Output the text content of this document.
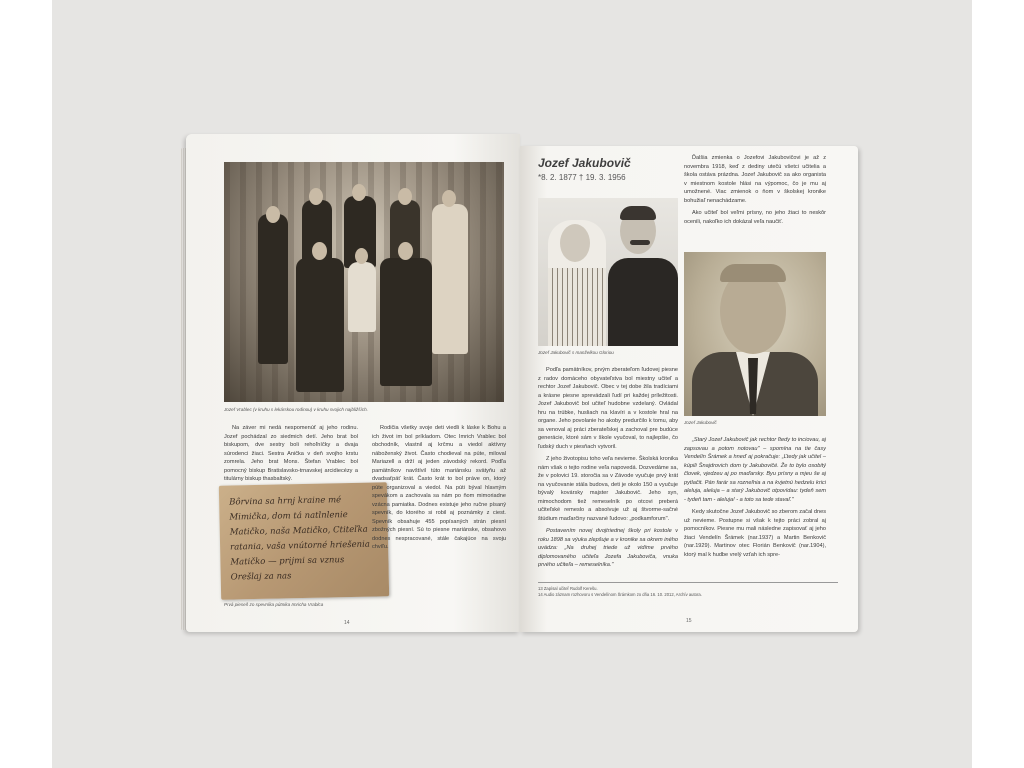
Jozef Vrablec (v kruhu s lekárskou rodinou) v kruhu svojich najbližších.

Na záver mi nedá nespomenúť aj jeho rodinu. Jozef pochádzal zo siedmich detí. Jeho brat bol biskupom, dve sestry boli rehoľníčky a dvaja súrodenci žiaci. Sestra Anička v deň svojho krstu zomrela. Jeho brat Mons. Štefan Vrablec bol pomocný biskup Bratislavsko-trnavskej arcidiecézy a titulárny biskup thasbaltský.

Bôrvina sa hrnj kraine mé
Mimička, dom tá natlnlenie
Matičko, naša Matičko, Ctiteľka
ratania, vaša vnútorné hriešenia
Matičko — prijmi sa vznus
Orešlaj za nas
Prvá pieseň zo spevníka pútnika Imricha Vrablca

Rodičia všetky svoje deti viedli k láske k Bohu a ich život im bol príkladom. Otec Imrich Vrablec bol obchodník, vlastnil aj krčmu a viedol aktívny náboženský život. Často chodieval na púte, miloval Mariazell a drží aj jeden závodský rekord. Podľa pamätníkov navštívil túto mariánsku svätyňu až dvadsaťpäť krát. Často krát to bol práve on, ktorý púte organizoval a viedol. Na púti býval hlavným spevákom a zachovala sa nám po ňom mimoriadne vzácna pamiatka. Dodnes existuje jeho ručne písaný spevník, do ktorého si robil aj poznámky z ciest. Spevník obsahuje 455 popísaných strán piesní zbožných piesní. Sú to piesne mariánske, obsahovo dodnes nespracované, stále čakajúce na svoju chvíľu.

14
Jozef Jakubovič
*8. 2. 1877 † 19. 3. 1956
Jozef Jakubovič s manželkou Gloriou
Jozef Jakubovič

Podľa pamätníkov, prvým zberateľom ľudovej piesne z radov domáceho obyvateľstva bol miestny učiteľ a rechtor Jozef Jakubovič. Obec v tej dobe žila tradíciami a krásne piesne sprevádzali ľudí pri každej príležitosti. Jozef Jakubovič bol učiteľ hudobne vzdelaný. Ovládal hru na trúbke, husliach na klavíri a v kostole hral na organe. Jeho povolanie ho akoby predurčilo k tomu, aby sa venoval aj práci zberateľskej a zachoval pre budúce generácie, ktoré sám v škole vyučoval, to najlepšie, čo ľudský duch v piesňach vytvoril.

Z jeho životopisu toho veľa nevieme. Školská kronika nám však o tejto rodine veľa napovedá. Dozvedáme sa, že v polovici 19. storočia sa v Závode vyučuje prvý krát na vyučovanie stála budova, deti je okolo 150 a vyučuje bývalý kovársky majster Jakubovič. Jeho syn, mimochodom tiež remeselník po otcovi preberá učiteľské remeslo a absolvuje už aj štvorme-sačné štúdium maďarčiny nazvané ľudovo: „podkamforum".

Postavením novej dvojtriednej školy pri kostole v roku 1898 sa výuka zlepšuje a v kronike sa okrem iného uvádza: „Na druhej triede už vidíme prvého diplomovaného učiteľa Jozefa Jakuboviča, vnuka prvého učiteľa – remeselníka."

Ďalšia zmienka o Jozefovi Jakubovičovi je až z novembra 1918, keď z dediny utečú všetci učitelia a škola ostáva prázdna. Jozef Jakubovič sa ako organista v miestnom kostole hlási na výpomoc, čo je mu aj umožnené. Viac zmienok o ňom v školskej kronike bohužiaľ nenachádzame.

Ako učiteľ bol veľmi prísny, no jeho žiaci to neskôr ocenili, nakoľko ich dokázal veľa naučiť.

„Starý Jozef Jakubovič jak rechtor ľtedy to inciovau, aj zapsovau a potom notovau" – spomína na tie časy Vendelín Šrámek a hneď aj pokračuje: „Ľtedy jak učitel – kúpili Šnajdrovich dom ty Jakubovičé. Že to bylo osobitý človek, vjedzeu aj po maďarsky. Byu prísny a mjeu še aj pytlačit. Pán farár sa rozneľnia a na kvjetnú hedzelu krici aleluja, aleluja – a starý Jakubovič otpovídau: tydeň sem - tydeň tam - aleluja! - a toto sa tede stavaľ."

Kedy skutočne Jozef Jakubovič so zberom začal dnes už nevieme. Postupne si však k tejto práci zobral aj pomocníkov. Piesne mu mali následne zapisovať aj jeho žiaci Vendelín Šrámek (nar.1937) a Martin Benkovič (nar.1929). Martinov otec Florián Benkovič (nar.1904), ktorý mal k hudbe vrelý vzťah ich spre-

13 Zapísal učiteľ Rudolf Kerešu.
14 Audio záznam rozhovoru s Vendelínom Šrámkom zo dňa 16. 10. 2012, Archív autora.
15
